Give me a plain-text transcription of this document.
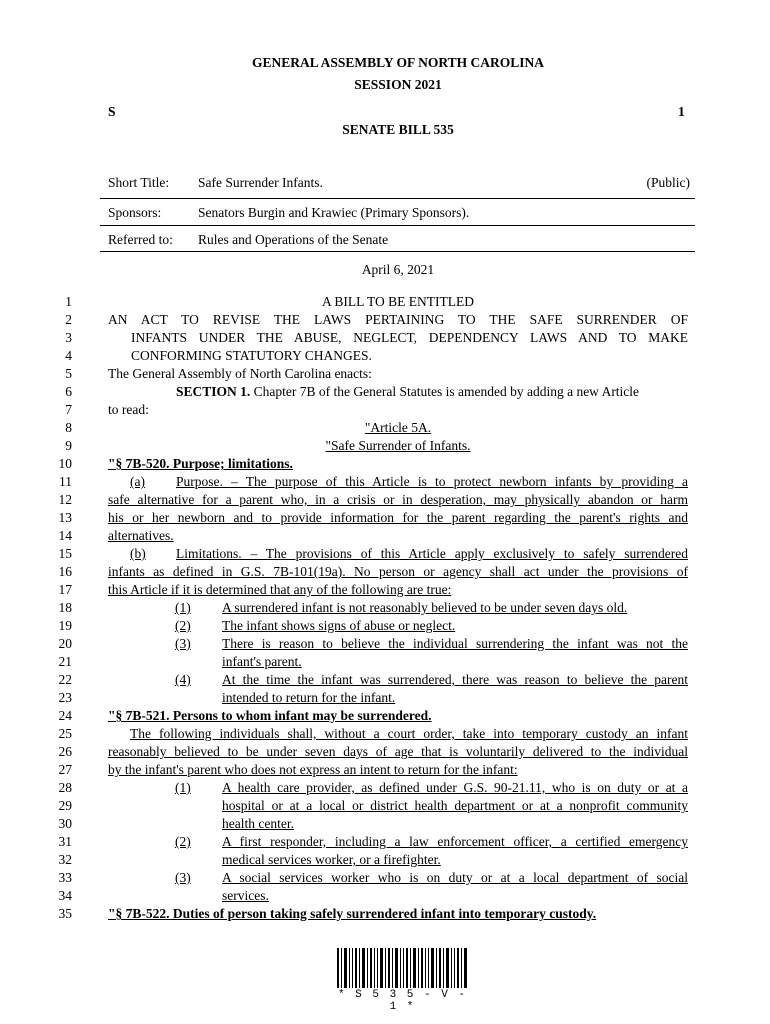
GENERAL ASSEMBLY OF NORTH CAROLINA
SESSION 2021
S	1
SENATE BILL 535
Short Title: Safe Surrender Infants.	(Public)
Sponsors:	Senators Burgin and Krawiec (Primary Sponsors).
Referred to: Rules and Operations of the Senate
April 6, 2021
1	A BILL TO BE ENTITLED
2	AN ACT TO REVISE THE LAWS PERTAINING TO THE SAFE SURRENDER OF
3	INFANTS UNDER THE ABUSE, NEGLECT, DEPENDENCY LAWS AND TO MAKE
4	CONFORMING STATUTORY CHANGES.
5	The General Assembly of North Carolina enacts:
6	SECTION 1. Chapter 7B of the General Statutes is amended by adding a new Article
7	to read:
8	"Article 5A.
9	"Safe Surrender of Infants.
10	"§ 7B-520. Purpose; limitations.
11	(a)	Purpose. – The purpose of this Article is to protect newborn infants by providing a
12	safe alternative for a parent who, in a crisis or in desperation, may physically abandon or harm
13	his or her newborn and to provide information for the parent regarding the parent's rights and
14	alternatives.
15	(b)	Limitations. – The provisions of this Article apply exclusively to safely surrendered
16	infants as defined in G.S. 7B-101(19a). No person or agency shall act under the provisions of
17	this Article if it is determined that any of the following are true:
18	(1)	A surrendered infant is not reasonably believed to be under seven days old.
19	(2)	The infant shows signs of abuse or neglect.
20	(3)	There is reason to believe the individual surrendering the infant was not the
21	infant's parent.
22	(4)	At the time the infant was surrendered, there was reason to believe the parent
23	intended to return for the infant.
24	"§ 7B-521. Persons to whom infant may be surrendered.
25	The following individuals shall, without a court order, take into temporary custody an infant
26	reasonably believed to be under seven days of age that is voluntarily delivered to the individual
27	by the infant's parent who does not express an intent to return for the infant:
28	(1)	A health care provider, as defined under G.S. 90-21.11, who is on duty or at a
29	hospital or at a local or district health department or at a nonprofit community
30	health center.
31	(2)	A first responder, including a law enforcement officer, a certified emergency
32	medical services worker, or a firefighter.
33	(3)	A social services worker who is on duty or at a local department of social
34	services.
35	"§ 7B-522. Duties of person taking safely surrendered infant into temporary custody.
* S 5 3 5 - V - 1 *
